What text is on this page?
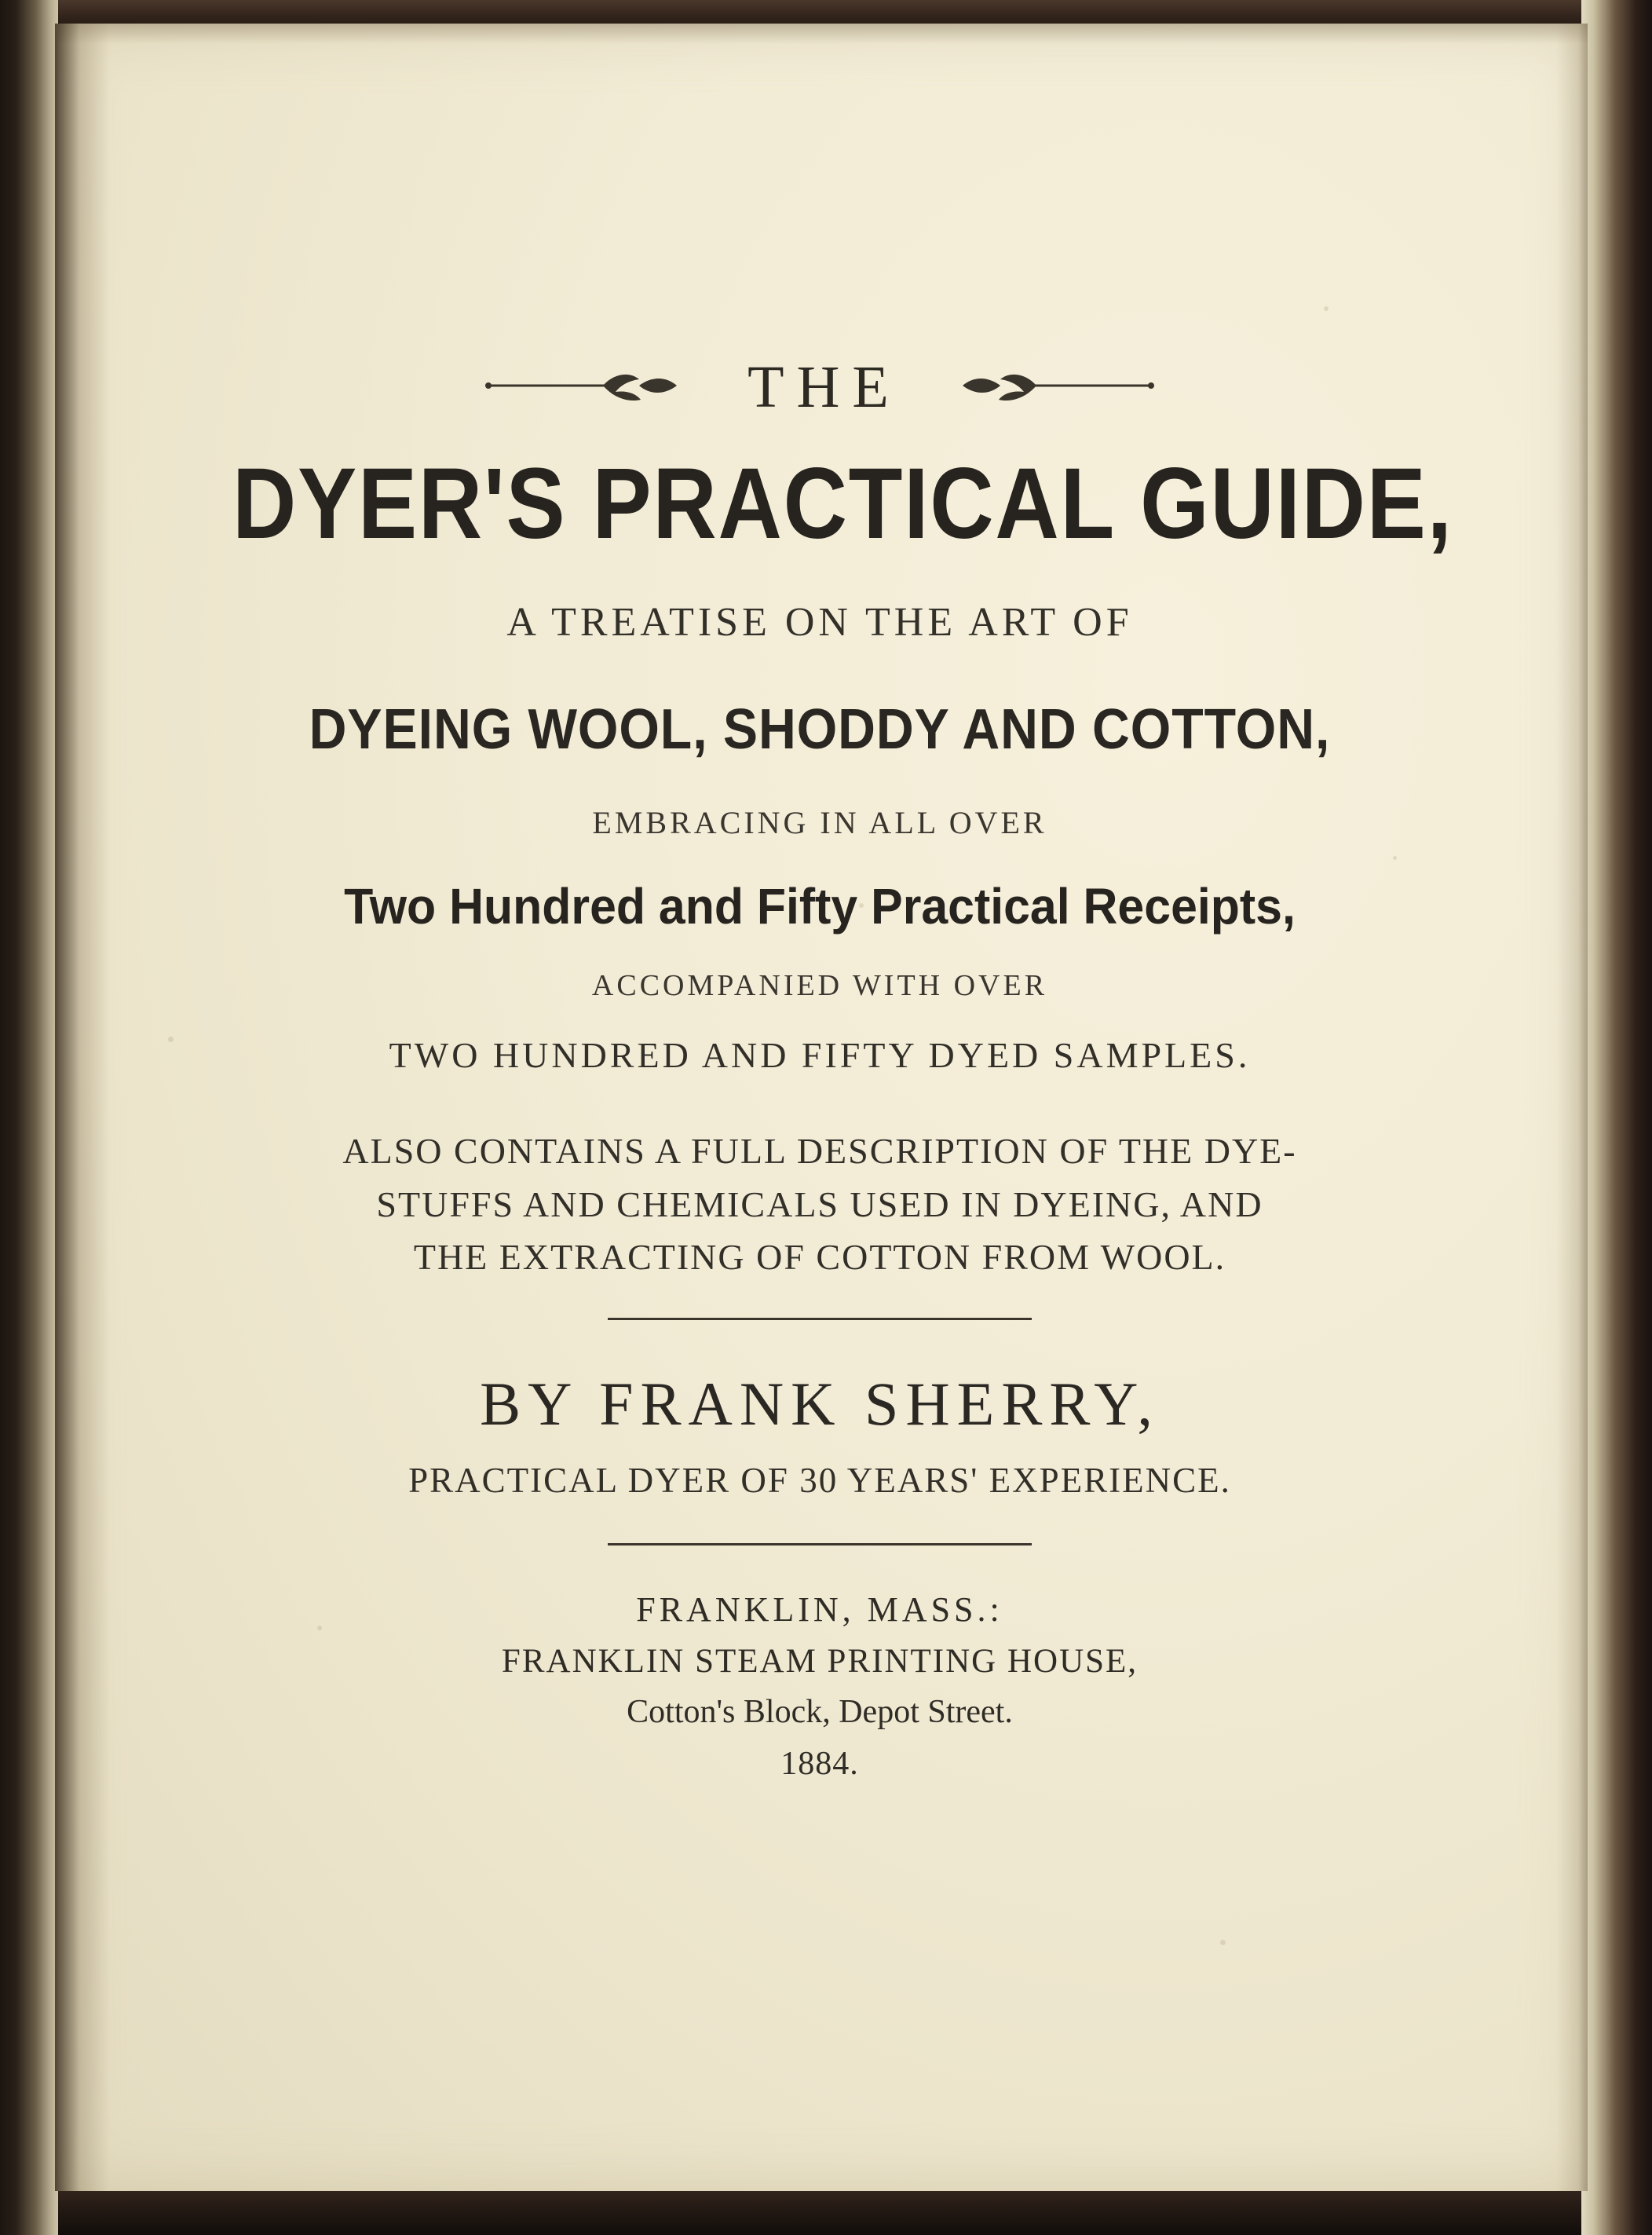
THE
DYER'S PRACTICAL GUIDE,
A TREATISE ON THE ART OF
DYEING WOOL, SHODDY AND COTTON,
EMBRACING IN ALL OVER
Two Hundred and Fifty Practical Receipts,
ACCOMPANIED WITH OVER
TWO HUNDRED AND FIFTY DYED SAMPLES.
ALSO CONTAINS A FULL DESCRIPTION OF THE DYE-
STUFFS AND CHEMICALS USED IN DYEING, AND
THE EXTRACTING OF COTTON FROM WOOL.
BY FRANK SHERRY,
PRACTICAL DYER OF 30 YEARS' EXPERIENCE.
FRANKLIN, MASS.:
FRANKLIN STEAM PRINTING HOUSE,
Cotton's Block, Depot Street.
1884.
